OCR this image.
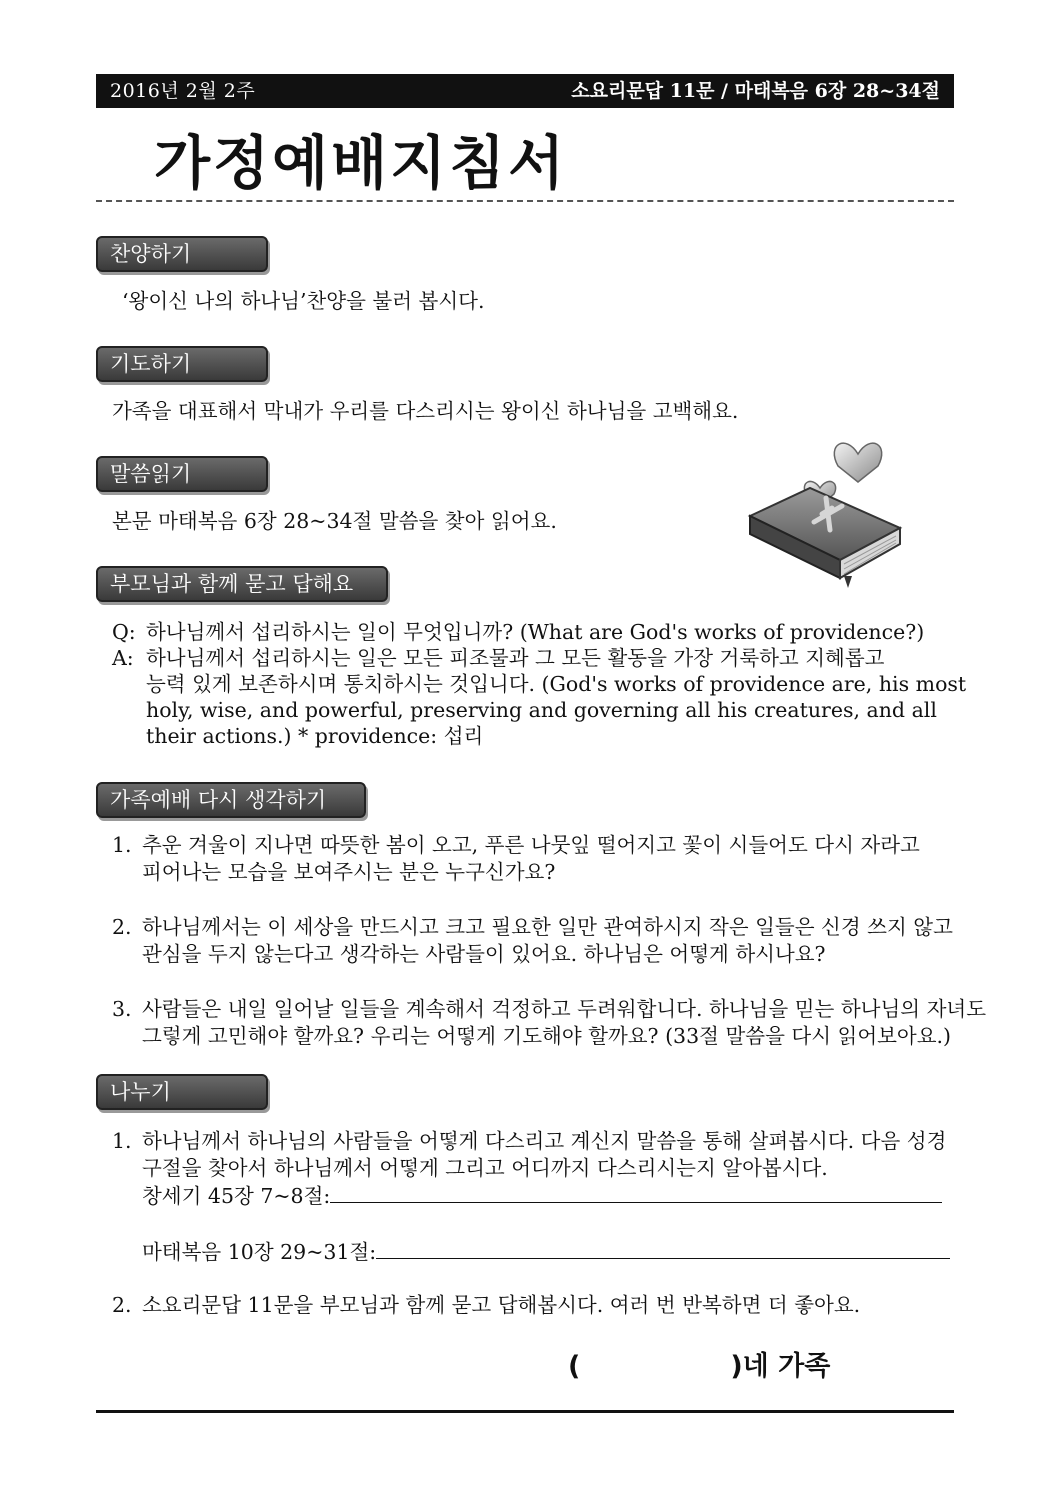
2016년 2월 2주	소요리문답 11문 / 마태복음 6장 28~34절
가정예배지침서
찬양하기
‘왕이신 나의 하나님’찬양을 불러 봅시다.
기도하기
가족을 대표해서 막내가 우리를 다스리시는 왕이신 하나님을 고백해요.
말씀읽기
본문 마태복음 6장 28~34절 말씀을 찾아 읽어요.
부모님과 함께 묻고 답해요
Q: 하나님께서 섭리하시는 일이 무엇입니까? (What are God's works of providence?)
A: 하나님께서 섭리하시는 일은 모든 피조물과 그 모든 활동을 가장 거룩하고 지혜롭고
능력 있게 보존하시며 통치하시는 것입니다. (God's works of providence are, his most
holy, wise, and powerful, preserving and governing all his creatures, and all
their actions.) * providence: 섭리
가족예배 다시 생각하기
1. 추운 겨울이 지나면 따뜻한 봄이 오고, 푸른 나뭇잎 떨어지고 꽃이 시들어도 다시 자라고
피어나는 모습을 보여주시는 분은 누구신가요?
2. 하나님께서는 이 세상을 만드시고 크고 필요한 일만 관여하시지 작은 일들은 신경 쓰지 않고
관심을 두지 않는다고 생각하는 사람들이 있어요. 하나님은 어떻게 하시나요?
3. 사람들은 내일 일어날 일들을 계속해서 걱정하고 두려워합니다. 하나님을 믿는 하나님의 자녀도
그렇게 고민해야 할까요? 우리는 어떻게 기도해야 할까요? (33절 말씀을 다시 읽어보아요.)
나누기
1. 하나님께서 하나님의 사람들을 어떻게 다스리고 계신지 말씀을 통해 살펴봅시다. 다음 성경
구절을 찾아서 하나님께서 어떻게 그리고 어디까지 다스리시는지 알아봅시다.
창세기 45장 7~8절:
마태복음 10장 29~31절:
2. 소요리문답 11문을 부모님과 함께 묻고 답해봅시다. 여러 번 반복하면 더 좋아요.
(	)네 가족
